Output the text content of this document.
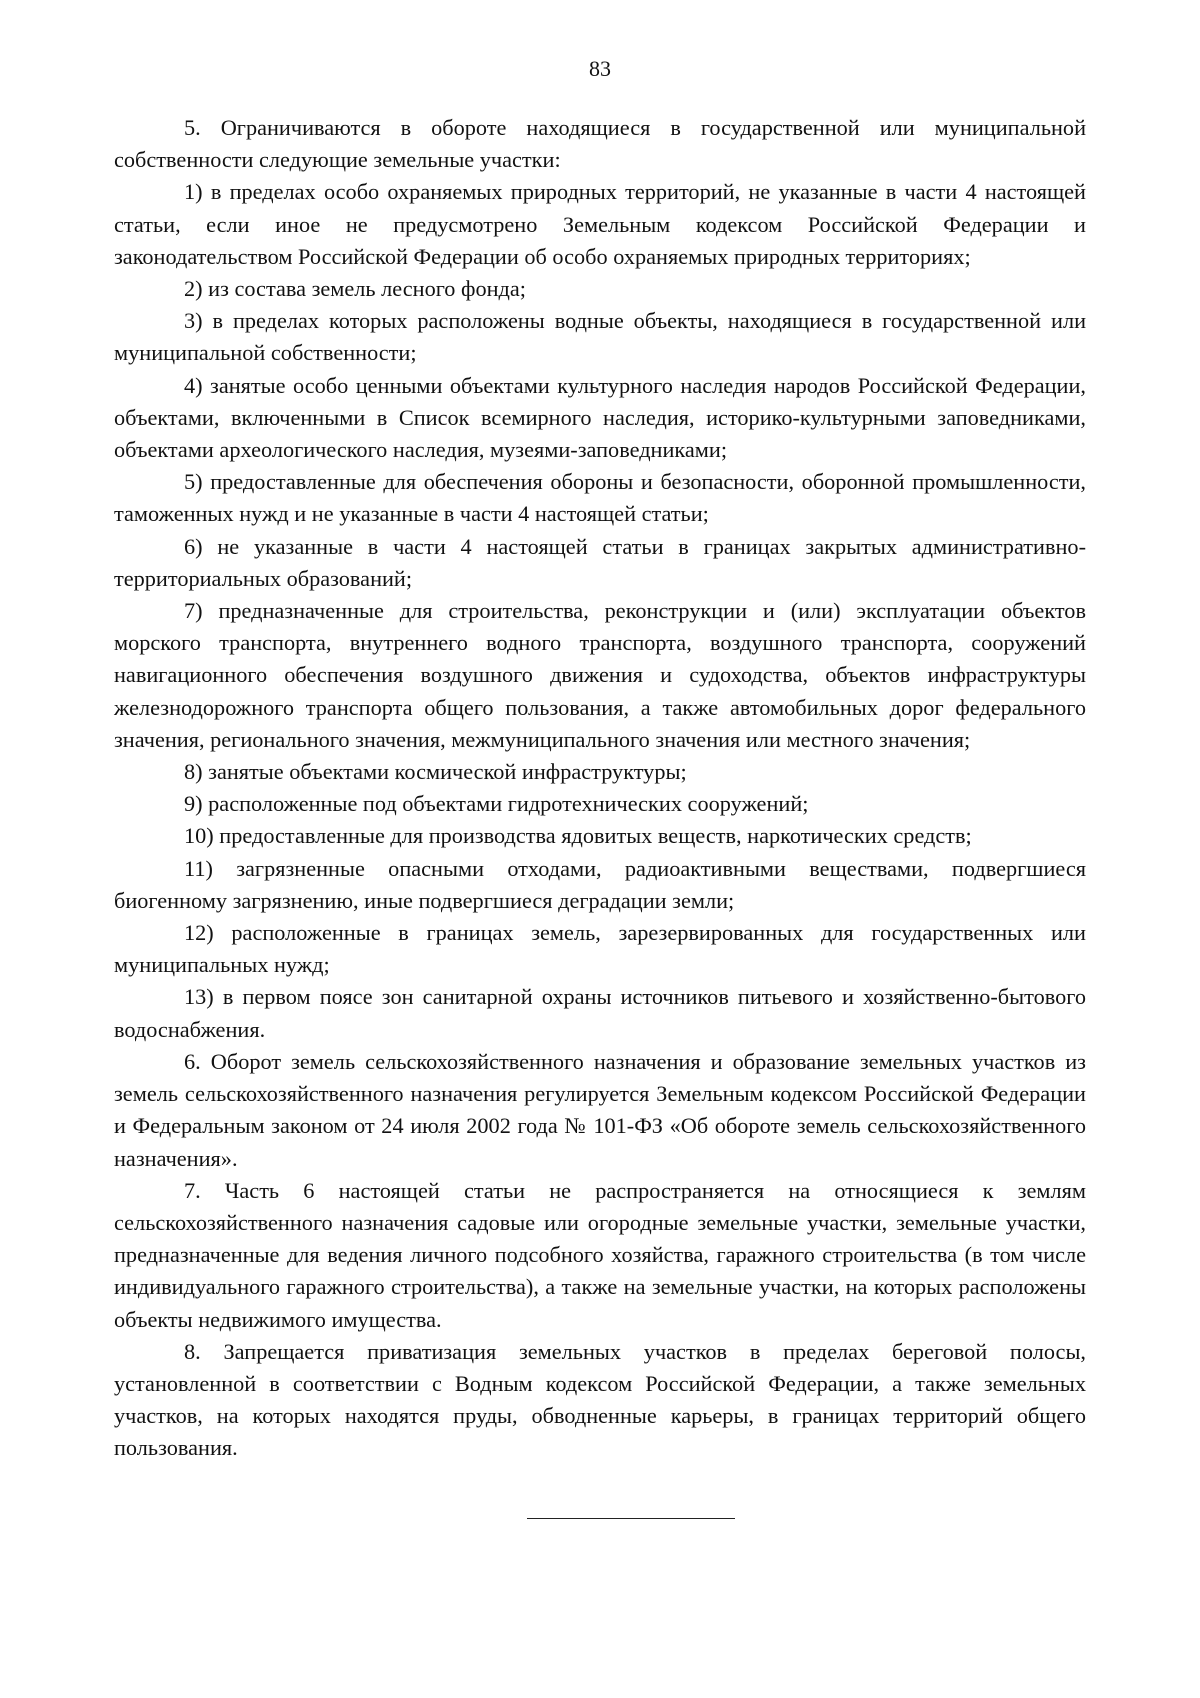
83

5. Ограничиваются в обороте находящиеся в государственной или муниципальной собственности следующие земельные участки:

1) в пределах особо охраняемых природных территорий, не указанные в части 4 настоящей статьи, если иное не предусмотрено Земельным кодексом Российской Федерации и законодательством Российской Федерации об особо охраняемых природных территориях;

2) из состава земель лесного фонда;

3) в пределах которых расположены водные объекты, находящиеся в государственной или муниципальной собственности;

4) занятые особо ценными объектами культурного наследия народов Российской Федерации, объектами, включенными в Список всемирного наследия, историко-культурными заповедниками, объектами археологического наследия, музеями-заповедниками;

5) предоставленные для обеспечения обороны и безопасности, оборонной промышленности, таможенных нужд и не указанные в части 4 настоящей статьи;

6) не указанные в части 4 настоящей статьи в границах закрытых административно-территориальных образований;

7) предназначенные для строительства, реконструкции и (или) эксплуатации объектов морского транспорта, внутреннего водного транспорта, воздушного транспорта, сооружений навигационного обеспечения воздушного движения и судоходства, объектов инфраструктуры железнодорожного транспорта общего пользования, а также автомобильных дорог федерального значения, регионального значения, межмуниципального значения или местного значения;

8) занятые объектами космической инфраструктуры;

9) расположенные под объектами гидротехнических сооружений;

10) предоставленные для производства ядовитых веществ, наркотических средств;

11) загрязненные опасными отходами, радиоактивными веществами, подвергшиеся биогенному загрязнению, иные подвергшиеся деградации земли;

12) расположенные в границах земель, зарезервированных для государственных или муниципальных нужд;

13) в первом поясе зон санитарной охраны источников питьевого и хозяйственно-бытового водоснабжения.

6. Оборот земель сельскохозяйственного назначения и образование земельных участков из земель сельскохозяйственного назначения регулируется Земельным кодексом Российской Федерации и Федеральным законом от 24 июля 2002 года № 101-ФЗ «Об обороте земель сельскохозяйственного назначения».

7. Часть 6 настоящей статьи не распространяется на относящиеся к землям сельскохозяйственного назначения садовые или огородные земельные участки, земельные участки, предназначенные для ведения личного подсобного хозяйства, гаражного строительства (в том числе индивидуального гаражного строительства), а также на земельные участки, на которых расположены объекты недвижимого имущества.

8. Запрещается приватизация земельных участков в пределах береговой полосы, установленной в соответствии с Водным кодексом Российской Федерации, а также земельных участков, на которых находятся пруды, обводненные карьеры, в границах территорий общего пользования.
